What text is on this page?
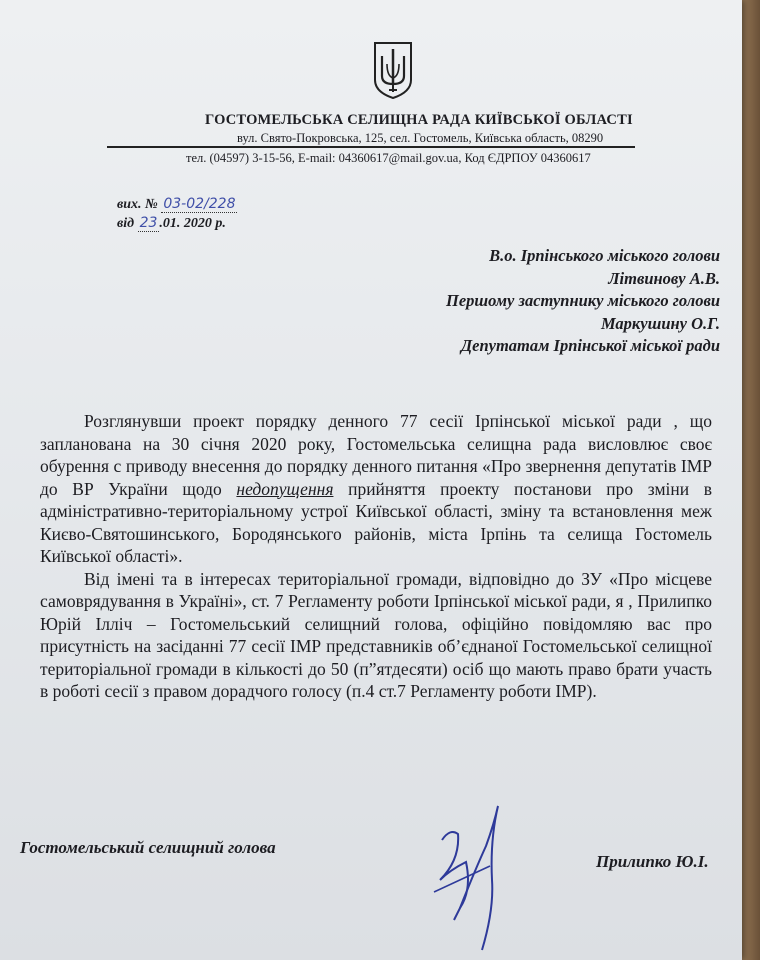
ГОСТОМЕЛЬСЬКА СЕЛИЩНА РАДА КИЇВСЬКОЇ ОБЛАСТІ
вул. Свято-Покровська, 125, сел. Гостомель, Київська область, 08290
тел. (04597) 3-15-56, E-mail: 04360617@mail.gov.ua, Код ЄДРПОУ 04360617
вих. № 03-02/228
від 23 .01. 2020 р.
В.о. Ірпінського міського голови
Літвинову А.В.
Першому заступнику міського голови
Маркушину О.Г.
Депутатам Ірпінської міської ради

Розглянувши проект порядку денного 77 сесії Ірпінської міської ради , що запланована на 30 січня 2020 року, Гостомельська селищна рада висловлює своє обурення с приводу внесення до порядку денного питання «Про звернення депутатів ІМР до ВР України щодо недопущення прийняття проекту постанови про зміни в адміністративно-територіальному устрої Київської області, зміну та встановлення меж Києво-Святошинського, Бородянського районів, міста Ірпінь та селища Гостомель Київської області».

Від імені та в інтересах територіальної громади, відповідно до ЗУ «Про місцеве самоврядування в Україні», ст. 7 Регламенту роботи Ірпінської міської ради, я , Прилипко Юрій Ілліч – Гостомельський селищний голова, офіційно повідомляю вас про присутність на засіданні 77 сесії ІМР представників об’єднаної Гостомельської селищної територіальної громади в кількості до 50 (п”ятдесяти) осіб що мають право брати участь в роботі сесії з правом дорадчого голосу (п.4 ст.7 Регламенту роботи ІМР).

Гостомельський селищний голова
Прилипко Ю.І.
